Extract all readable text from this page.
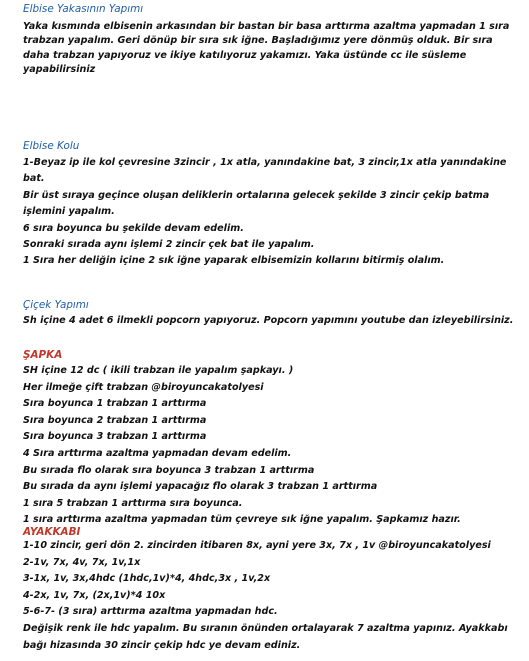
Elbise Yakasının Yapımı
Yaka kısmında elbisenin arkasından bir bastan bir basa arttırma azaltma yapmadan 1 sıra
trabzan yapalım. Geri dönüp bir sıra sık iğne. Başladığımız yere dönmüş olduk. Bir sıra
daha trabzan yapıyoruz ve ikiye katılıyoruz yakamızı. Yaka üstünde cc ile süsleme
yapabilirsiniz
Elbise Kolu
1-Beyaz ip ile kol çevresine 3zincir , 1x atla, yanındakine bat, 3 zincir,1x atla yanındakine
bat.
Bir üst sıraya geçince oluşan deliklerin ortalarına gelecek şekilde 3 zincir çekip batma
işlemini yapalım.
6 sıra boyunca bu şekilde devam edelim.
Sonraki sırada aynı işlemi 2 zincir çek bat ile yapalım.
1 Sıra her deliğin içine 2 sık iğne yaparak elbisemizin kollarını bitirmiş olalım.
Çiçek Yapımı
Sh içine 4 adet 6 ilmekli popcorn yapıyoruz. Popcorn yapımını youtube dan izleyebilirsiniz.
ŞAPKA
SH içine 12 dc ( ikili trabzan ile yapalım şapkayı. )
Her ilmeğe çift trabzan @biroyuncakatolyesi
Sıra boyunca 1 trabzan 1 arttırma
Sıra boyunca 2 trabzan 1 arttırma
Sıra boyunca 3 trabzan 1 arttırma
4 Sıra arttırma azaltma yapmadan devam edelim.
Bu sırada flo olarak sıra boyunca 3 trabzan 1 arttırma
Bu sırada da aynı işlemi yapacağız flo olarak 3 trabzan 1 arttırma
1 sıra 5 trabzan 1 arttırma sıra boyunca.
1 sıra arttırma azaltma yapmadan tüm çevreye sık iğne yapalım. Şapkamız hazır.
AYAKKABI
1-10 zincir, geri dön 2. zincirden itibaren 8x, ayni yere 3x, 7x , 1v @biroyuncakatolyesi
2-1v, 7x, 4v, 7x, 1v,1x
3-1x, 1v, 3x,4hdc (1hdc,1v)*4, 4hdc,3x , 1v,2x
4-2x, 1v, 7x, (2x,1v)*4 10x
5-6-7- (3 sıra) arttırma azaltma yapmadan hdc.
Değişik renk ile hdc yapalım. Bu sıranın önünden ortalayarak 7 azaltma yapınız. Ayakkabı
bağı hizasında 30 zincir çekip hdc ye devam ediniz.
